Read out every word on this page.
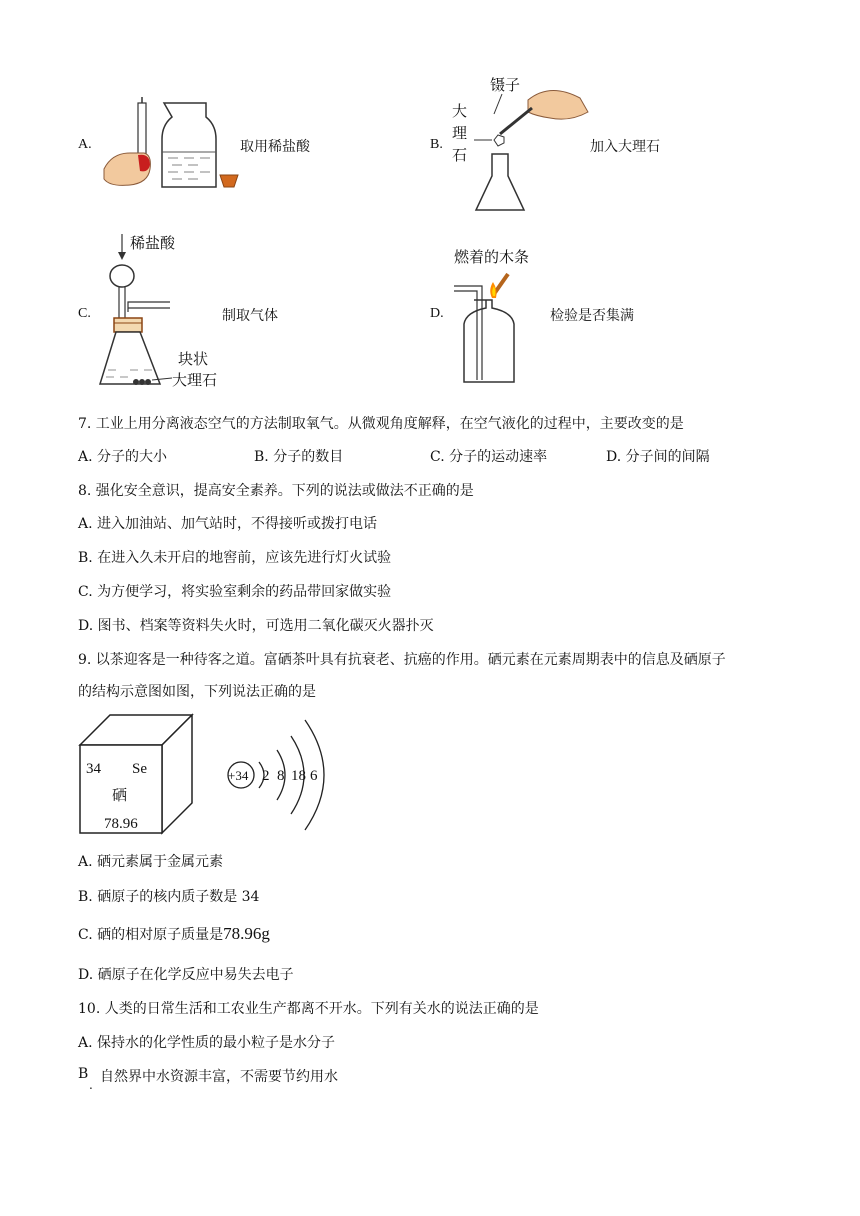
A.	取用稀盐酸	B.
镊子
大
理
石	加入大理石
C.
稀盐酸
块状
大理石
制取气体	D.
燃着的木条
检验是否集满
7. 工业上用分离液态空气的方法制取氧气。从微观角度解释，在空气液化的过程中，主要改变的是
A. 分子的大小	B. 分子的数目	C. 分子的运动速率	D. 分子间的间隔
8. 强化安全意识，提高安全素养。下列的说法或做法不正确的是
A. 进入加油站、加气站时，不得接听或拨打电话
B. 在进入久未开启的地窖前，应该先进行灯火试验
C. 为方便学习，将实验室剩余的药品带回家做实验
D. 图书、档案等资料失火时，可选用二氧化碳灭火器扑灭
9. 以茶迎客是一种待客之道。富硒茶叶具有抗衰老、抗癌的作用。硒元素在元素周期表中的信息及硒原子
的结构示意图如图，下列说法正确的是
34 Se
硒
78.96
+34 2 8 18 6
A. 硒元素属于金属元素
B. 硒原子的核内质子数是 34
C. 硒的相对原子质量是78.96g
D. 硒原子在化学反应中易失去电子
10. 人类的日常生活和工农业生产都离不开水。下列有关水的说法正确的是
A. 保持水的化学性质的最小粒子是水分子
B 自然界中水资源丰富，不需要节约用水
.
